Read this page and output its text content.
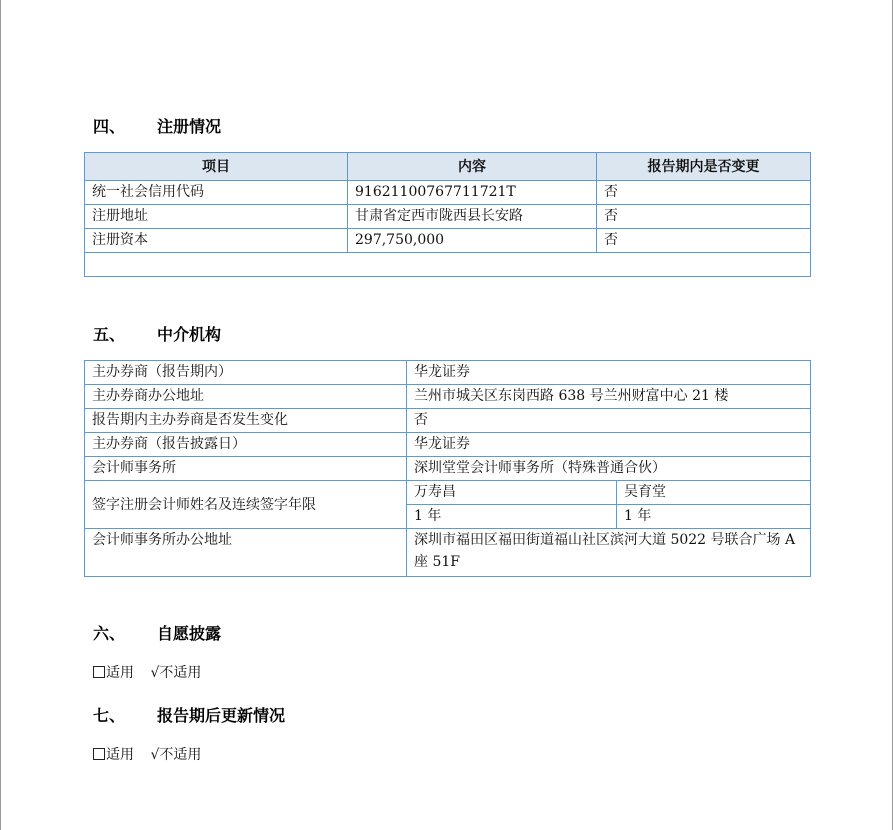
四、 注册情况
项目	内容	报告期内是否变更
统一社会信用代码	91621100767711721T	否
注册地址	甘肃省定西市陇西县长安路	否
注册资本	297,750,000	否

五、 中介机构
主办券商（报告期内）	华龙证券	
主办券商办公地址	兰州市城关区东岗西路 638 号兰州财富中心 21 楼	
报告期内主办券商是否发生变化	否	
主办券商（报告披露日）	华龙证券	
会计师事务所	深圳堂堂会计师事务所（特殊普通合伙）	
签字注册会计师姓名及连续签字年限	万寿昌	吴育堂
	1 年	1 年
会计师事务所办公地址	深圳市福田区福田街道福山社区滨河大道 5022 号联合广场 A 座 51F	
六、 自愿披露
适用 √不适用
七、 报告期后更新情况
适用 √不适用
